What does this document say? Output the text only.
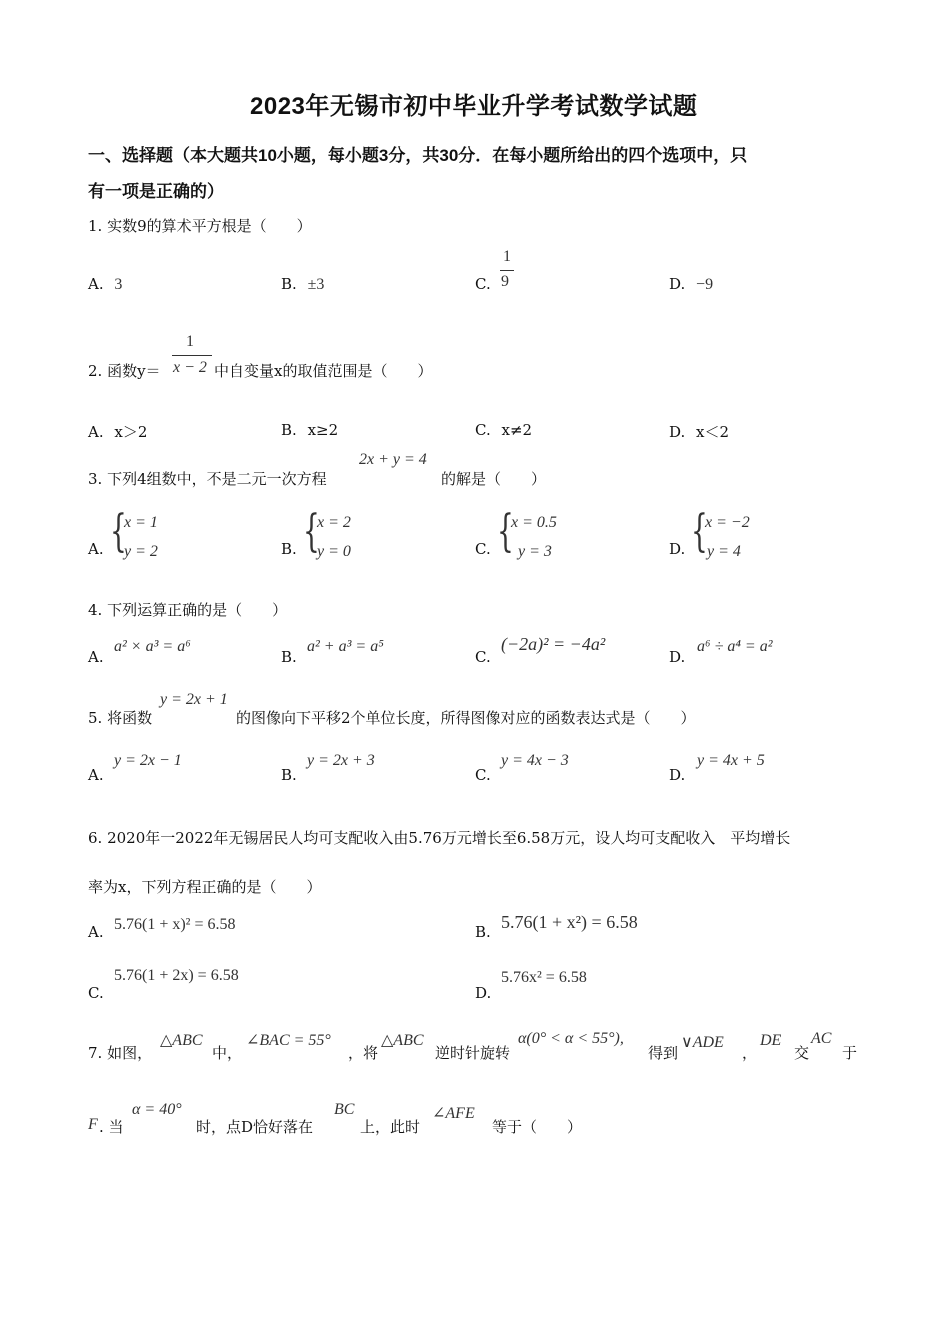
2023年无锡市初中毕业升学考试数学试题
一、选择题（本大题共10小题，每小题3分，共30分．在每小题所给出的四个选项中，只
有一项是正确的）
1. 实数9的算术平方根是（　　）
A. 3	B. ±3	C.
1
9	D. −9
2. 函数y＝
1
x − 2 中自变量x的取值范围是（　　）
A. x＞2	B. x≥2	C. x≠2	D. x＜2
3. 下列4组数中，不是二元一次方程
2x + y = 4
的解是（　　）
A. {
x = 1
y = 2	B. {
x = 2
y = 0	C. {
x = 0.5
y = 3	D. {
x = −2
y = 4
4. 下列运算正确的是（　　）
A.
a² × a³ = a⁶
B.
a² + a³ = a⁵
C.
(−2a)² = −4a²
D.
a⁶ ÷ a⁴ = a²
5. 将函数
y = 2x + 1
的图像向下平移2个单位长度，所得图像对应的函数表达式是（　　）
A.
y = 2x − 1
B.
y = 2x + 3
C.
y = 4x − 3
D.
y = 4x + 5
6. 2020年一2022年无锡居民人均可支配收入由5.76万元增长至6.58万元，设人均可支配收入　平均增长
率为x，下列方程正确的是（　　）
A. 5.76(1 + x)² = 6.58	B. 5.76(1 + x²) = 6.58
C.
5.76(1 + 2x) = 6.58
D.
5.76x² = 6.58
7. 如图，
△ABC
中，
∠BAC = 55°
，将
△ABC
逆时针旋转
α(0° < α < 55°),
得到
∨ADE
，
DE
交
AC
于
F . 当
α = 40°
时，点D恰好落在
BC
上，此时
∠AFE
等于（　　）
